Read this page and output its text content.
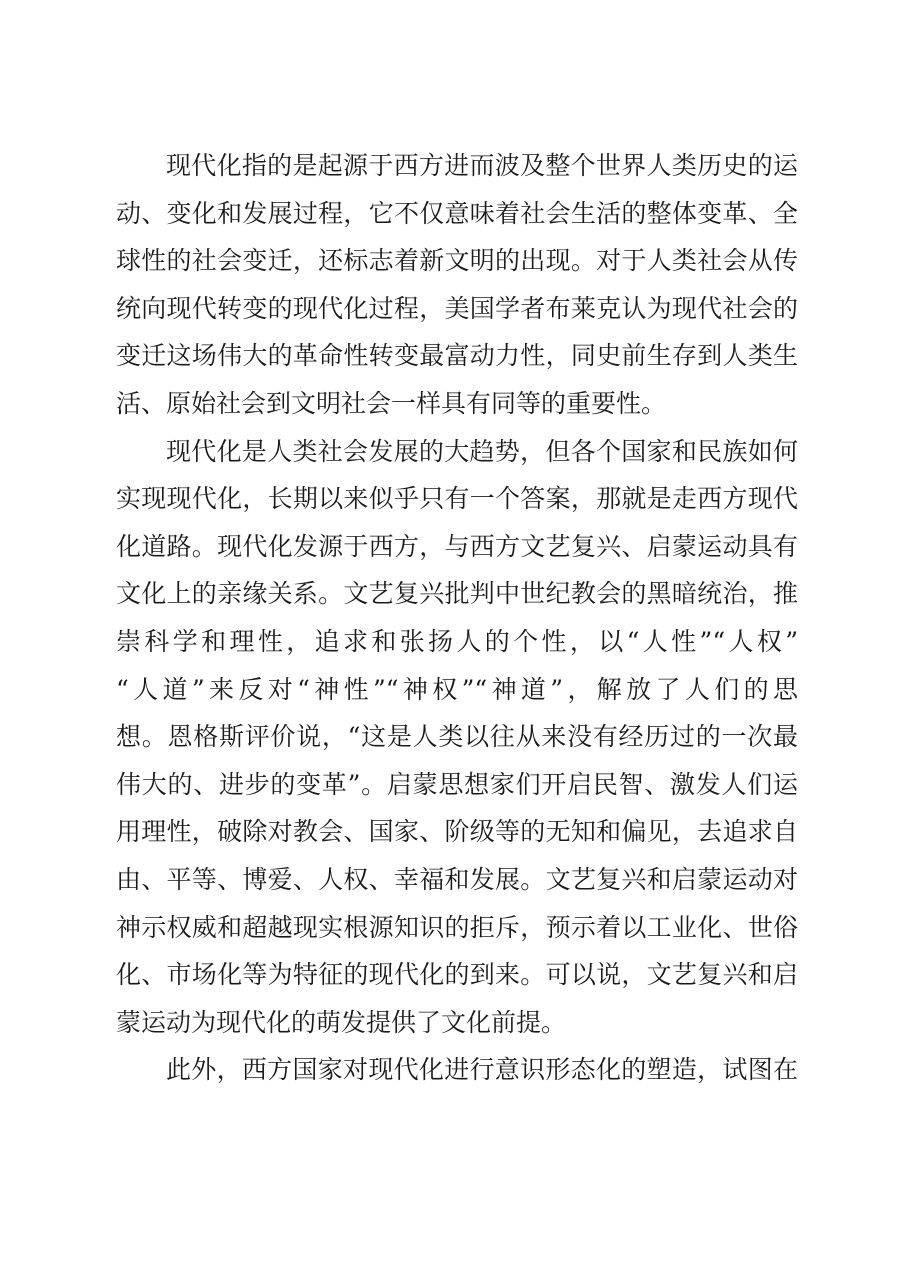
现代化指的是起源于西方进而波及整个世界人类历史的运
动、变化和发展过程，它不仅意味着社会生活的整体变革、全
球性的社会变迁，还标志着新文明的出现。对于人类社会从传
统向现代转变的现代化过程，美国学者布莱克认为现代社会的
变迁这场伟大的革命性转变最富动力性，同史前生存到人类生
活、原始社会到文明社会一样具有同等的重要性。
现代化是人类社会发展的大趋势，但各个国家和民族如何
实现现代化，长期以来似乎只有一个答案，那就是走西方现代
化道路。现代化发源于西方，与西方文艺复兴、启蒙运动具有
文化上的亲缘关系。文艺复兴批判中世纪教会的黑暗统治，推
崇科学和理性，追求和张扬人的个性，以“人性”“人权”
“人道”来反对“神性”“神权”“神道”，解放了人们的思
想。恩格斯评价说，“这是人类以往从来没有经历过的一次最
伟大的、进步的变革”。启蒙思想家们开启民智、激发人们运
用理性，破除对教会、国家、阶级等的无知和偏见，去追求自
由、平等、博爱、人权、幸福和发展。文艺复兴和启蒙运动对
神示权威和超越现实根源知识的拒斥，预示着以工业化、世俗
化、市场化等为特征的现代化的到来。可以说，文艺复兴和启
蒙运动为现代化的萌发提供了文化前提。
此外，西方国家对现代化进行意识形态化的塑造，试图在
